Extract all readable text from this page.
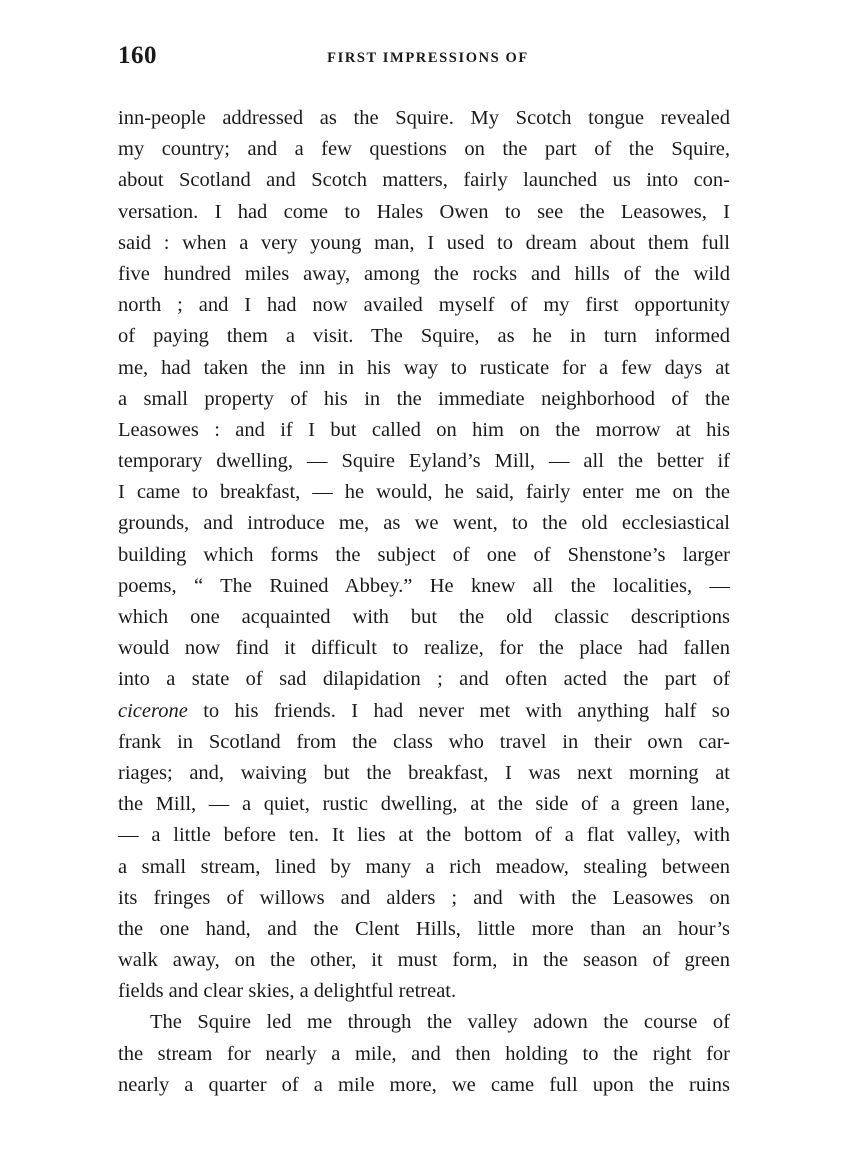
160	FIRST IMPRESSIONS OF
inn-people addressed as the Squire. My Scotch tongue revealed
my country; and a few questions on the part of the Squire,
about Scotland and Scotch matters, fairly launched us into con-
versation. I had come to Hales Owen to see the Leasowes, I
said : when a very young man, I used to dream about them full
five hundred miles away, among the rocks and hills of the wild
north ; and I had now availed myself of my first opportunity
of paying them a visit. The Squire, as he in turn informed
me, had taken the inn in his way to rusticate for a few days at
a small property of his in the immediate neighborhood of the
Leasowes : and if I but called on him on the morrow at his
temporary dwelling, — Squire Eyland’s Mill, — all the better if
I came to breakfast, — he would, he said, fairly enter me on the
grounds, and introduce me, as we went, to the old ecclesiastical
building which forms the subject of one of Shenstone’s larger
poems, “ The Ruined Abbey.” He knew all the localities, —
which one acquainted with but the old classic descriptions
would now find it difficult to realize, for the place had fallen
into a state of sad dilapidation ; and often acted the part of
cicerone to his friends. I had never met with anything half so
frank in Scotland from the class who travel in their own car-
riages; and, waiving but the breakfast, I was next morning at
the Mill, — a quiet, rustic dwelling, at the side of a green lane,
— a little before ten. It lies at the bottom of a flat valley, with
a small stream, lined by many a rich meadow, stealing between
its fringes of willows and alders ; and with the Leasowes on
the one hand, and the Clent Hills, little more than an hour’s
walk away, on the other, it must form, in the season of green
fields and clear skies, a delightful retreat.
The Squire led me through the valley adown the course of
the stream for nearly a mile, and then holding to the right for
nearly a quarter of a mile more, we came full upon the ruins
